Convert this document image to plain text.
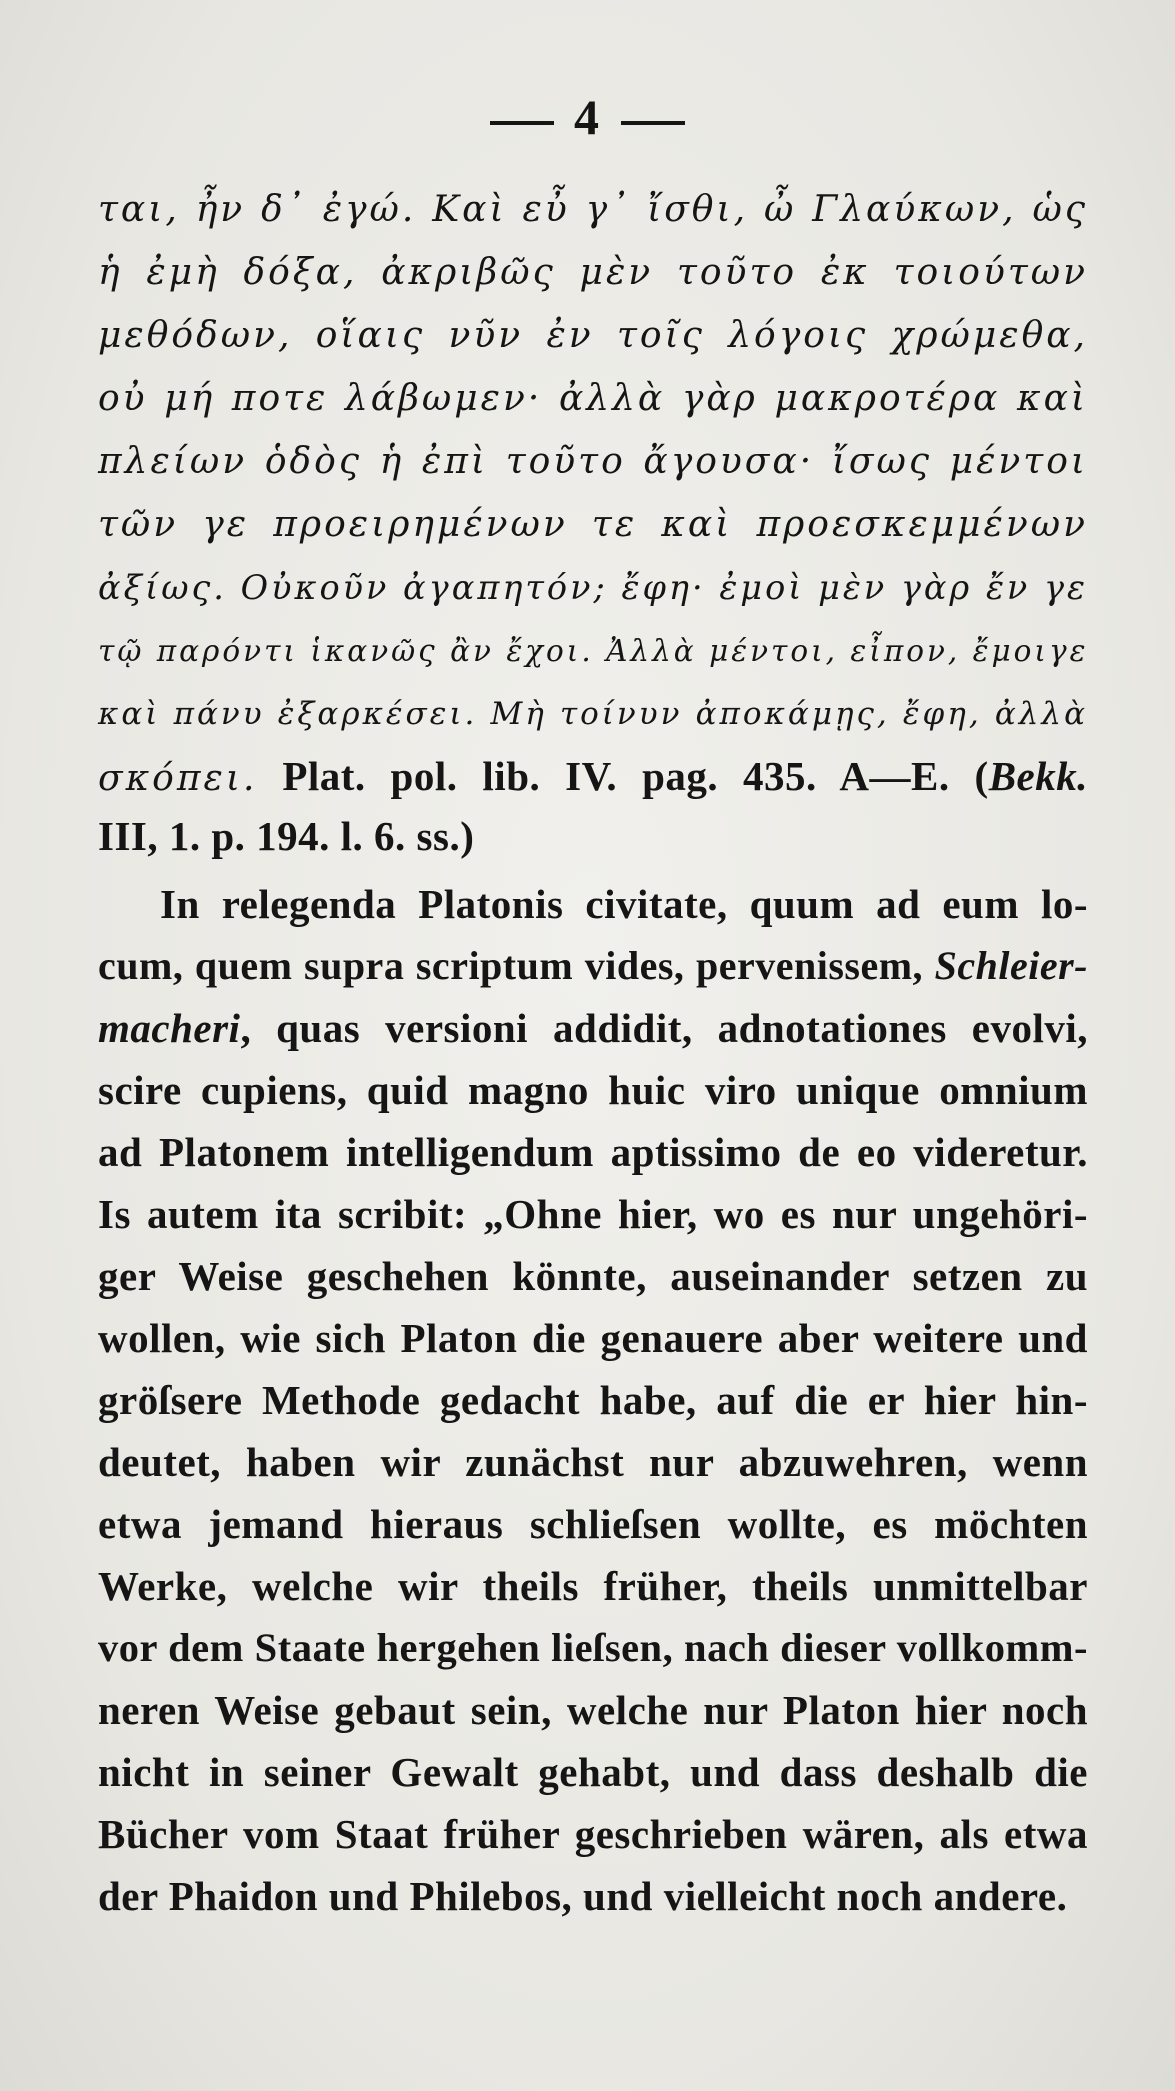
4
ται, ἦν δ᾽ ἐγώ. Καὶ εὖ γ᾽ ἴσθι, ὦ Γλαύκων, ὡς
ἡ ἐμὴ δόξα, ἀκριβῶς μὲν τοῦτο ἐκ τοιούτων
μεθόδων, οἵαις νῦν ἐν τοῖς λόγοις χρώμεθα,
οὐ μή ποτε λάβωμεν· ἀλλὰ γὰρ μακροτέρα καὶ
πλείων ὁδὸς ἡ ἐπὶ τοῦτο ἄγουσα· ἴσως μέντοι
τῶν γε προειρημένων τε καὶ προεσκεμμένων
ἀξίως. Οὐκοῦν ἀγαπητόν; ἔφη· ἐμοὶ μὲν γὰρ ἔν γε
τῷ παρόντι ἱκανῶς ἂν ἔχοι. Ἀλλὰ μέντοι, εἶπον, ἔμοιγε
καὶ πάνυ ἐξαρκέσει. Μὴ τοίνυν ἀποκάμῃς, ἔφη, ἀλλὰ
σκόπει. Plat. pol. lib. IV. pag. 435. A—E. (Bekk.
III, 1. p. 194. l. 6. ss.)
In relegenda Platonis civitate, quum ad eum lo-
cum, quem supra scriptum vides, pervenissem, Schleier-
macheri, quas versioni addidit, adnotationes evolvi,
scire cupiens, quid magno huic viro unique omnium
ad Platonem intelligendum aptissimo de eo videretur.
Is autem ita scribit: „Ohne hier, wo es nur ungehöri-
ger Weise geschehen könnte, auseinander setzen zu
wollen, wie sich Platon die genauere aber weitere und
gröſsere Methode gedacht habe, auf die er hier hin-
deutet, haben wir zunächst nur abzuwehren, wenn
etwa jemand hieraus schlieſsen wollte, es möchten
Werke, welche wir theils früher, theils unmittelbar
vor dem Staate hergehen lieſsen, nach dieser vollkomm-
neren Weise gebaut sein, welche nur Platon hier noch
nicht in seiner Gewalt gehabt, und dass deshalb die
Bücher vom Staat früher geschrieben wären, als etwa
der Phaidon und Philebos, und vielleicht noch andere.
